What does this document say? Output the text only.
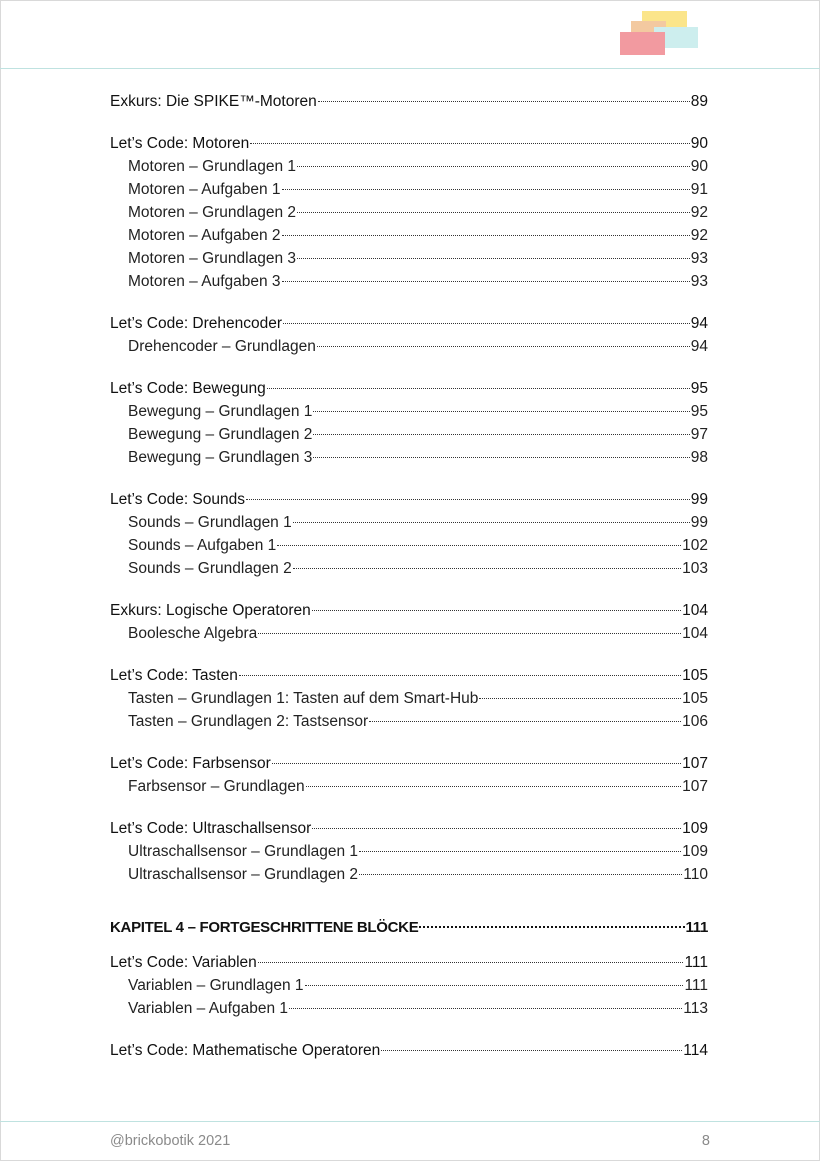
Exkurs: Die SPIKE™-Motoren	89
Let’s Code: Motoren	90
Motoren – Grundlagen 1	90
Motoren – Aufgaben 1	91
Motoren – Grundlagen 2	92
Motoren – Aufgaben 2	92
Motoren – Grundlagen 3	93
Motoren – Aufgaben 3	93
Let’s Code: Drehencoder	94
Drehencoder – Grundlagen	94
Let’s Code: Bewegung	95
Bewegung – Grundlagen 1	95
Bewegung – Grundlagen 2	97
Bewegung – Grundlagen 3	98
Let’s Code: Sounds	99
Sounds – Grundlagen 1	99
Sounds – Aufgaben 1	102
Sounds – Grundlagen 2	103
Exkurs: Logische Operatoren	104
Boolesche Algebra	104
Let’s Code: Tasten	105
Tasten – Grundlagen 1: Tasten auf dem Smart-Hub	105
Tasten – Grundlagen 2: Tastsensor	106
Let’s Code: Farbsensor	107
Farbsensor – Grundlagen	107
Let’s Code: Ultraschallsensor	109
Ultraschallsensor – Grundlagen 1	109
Ultraschallsensor – Grundlagen 2	110
KAPITEL 4 – FORTGESCHRITTENE BLÖCKE	111
Let’s Code: Variablen	111
Variablen – Grundlagen 1	111
Variablen – Aufgaben 1	113
Let’s Code: Mathematische Operatoren	114
@brickobotik 2021	8
